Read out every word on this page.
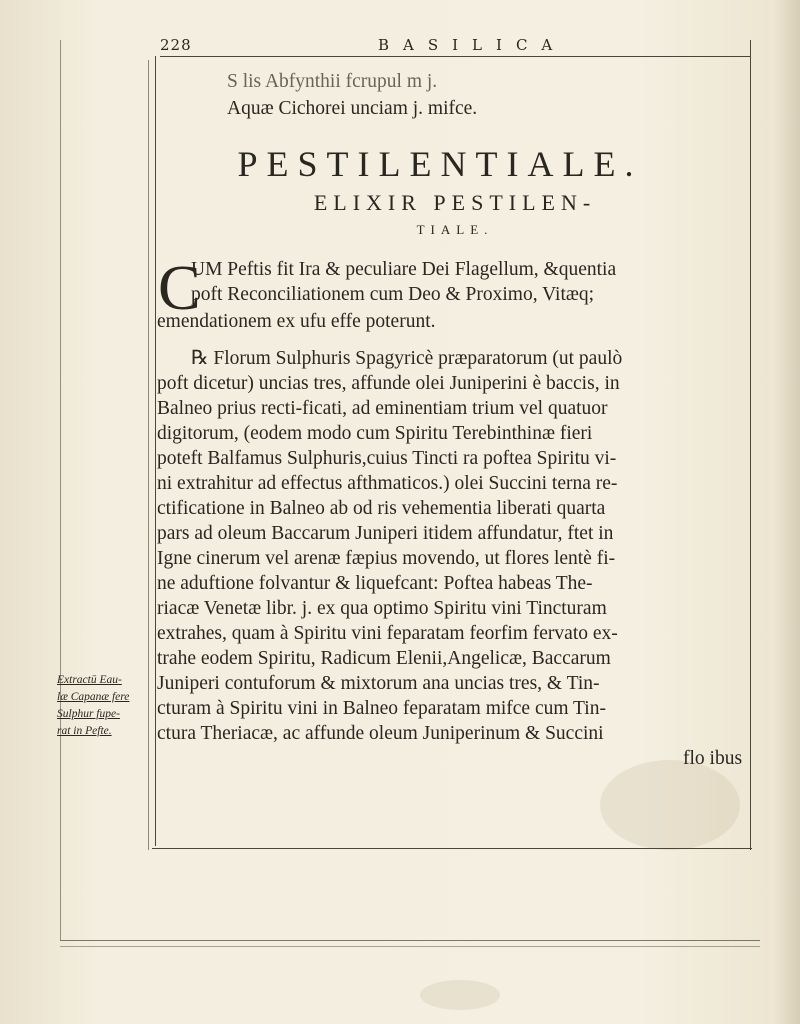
228	BASILICA
S lis Abfynthii fcrupul m j.
Aquæ Cichorei unciam j. mifce.
PESTILENTIALE.
ELIXIR PESTILEN-
TIALE.
C
UM Peftis fit Ira & peculiare Dei Flagellum, &quentia
poft Reconciliationem cum Deo & Proximo, Vitæq;
emendationem ex ufu effe poterunt.
℞ Florum Sulphuris Spagyricè præparatorum (ut paulò
poft dicetur) uncias tres, affunde olei Juniperini è baccis, in
Balneo prius recti-ficati, ad eminentiam trium vel quatuor
digitorum, (eodem modo cum Spiritu Terebinthinæ fieri
poteft Balfamus Sulphuris,cuius Tincti ra poftea Spiritu vi-
ni extrahitur ad effectus afthmaticos.) olei Succini terna re-
ctificatione in Balneo ab od ris vehementia liberati quarta
pars ad oleum Baccarum Juniperi itidem affundatur, ftet in
Igne cinerum vel arenæ fæpius movendo, ut flores lentè fi-
ne aduftione folvantur & liquefcant: Poftea habeas The-
riacæ Venetæ libr. j. ex qua optimo Spiritu vini Tincturam
extrahes, quam à Spiritu vini feparatam feorfim fervato ex-
trahe eodem Spiritu, Radicum Elenii,Angelicæ, Baccarum
Juniperi contuforum & mixtorum ana uncias tres, & Tin-
cturam à Spiritu vini in Balneo feparatam mifce cum Tin-
ctura Theriacæ, ac affunde oleum Juniperinum & Succini
flo ibus
Extractū Eau-
læ Capanæ fere
Sulphur fupe-
rat in Pefte.
